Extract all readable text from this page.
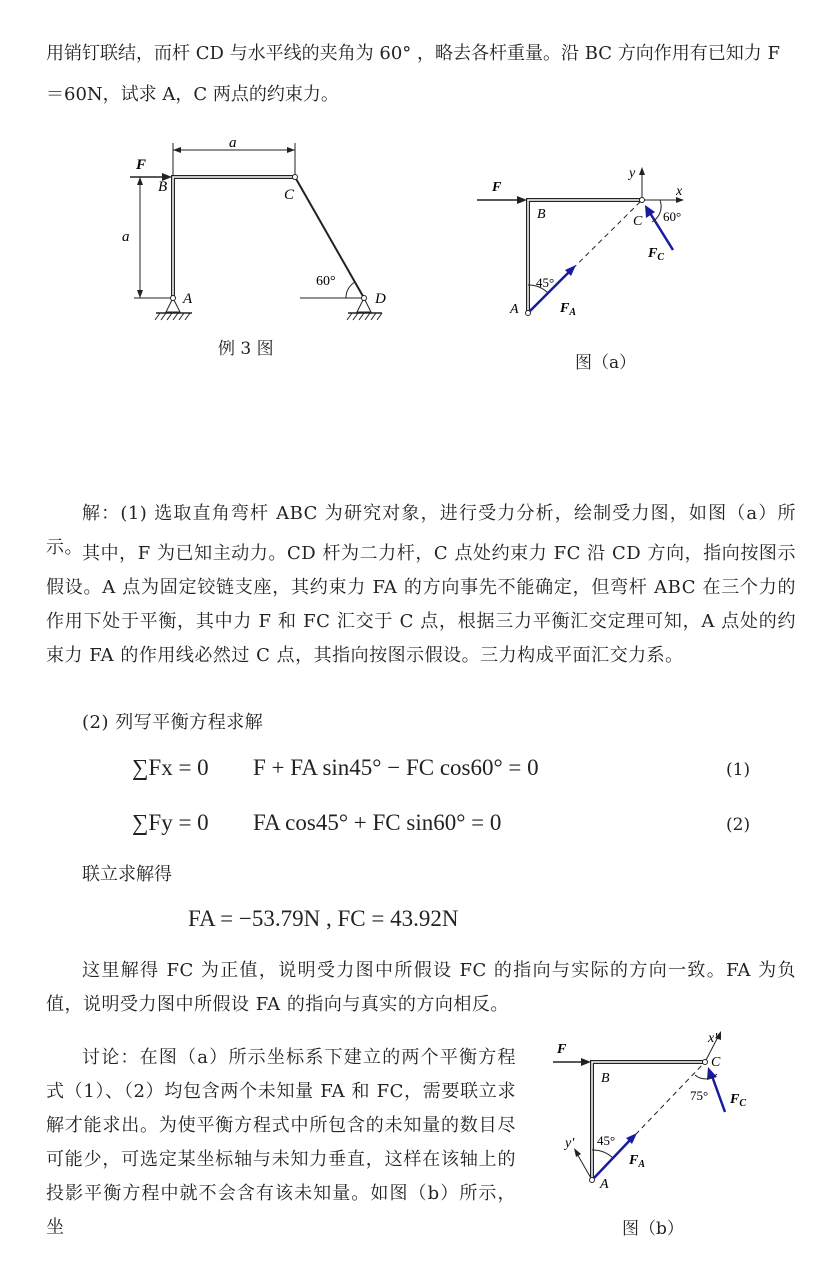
用销钉联结，而杆 CD 与水平线的夹角为 60° ，略去各杆重量。沿 BC 方向作用有已知力 F
＝60N，试求 A，C 两点的约束力。
a
a
F
B	C
A
60°
D
例 3 图
F
B
A
C
x
y
45°
$F_A$
$F_C$
60°
图（a）
解：(1) 选取直角弯杆 ABC 为研究对象，进行受力分析，绘制受力图，如图（a）所示。 其中，F 为已知主动力。CD 杆为二力杆，C 点处约束力 FC 沿 CD 方向，指向按图示假设。A 点为固定铰链支座，其约束力 FA 的方向事先不能确定，但弯杆 ABC 在三个力的作用下处于平衡，其中力 F 和 FC 汇交于 C 点，根据三力平衡汇交定理可知，A 点处的约束力 FA 的作用线必然过 C 点，其指向按图示假设。三力构成平面汇交力系。
(2) 列写平衡方程求解
∑Fx = 0 F + FA sin45° − FC cos60° = 0	(1)
∑Fy = 0 FA cos45° + FC sin60° = 0	(2)
联立求解得
FA = −53.79N , FC = 43.92N
这里解得 FC 为正值，说明受力图中所假设 FC 的指向与实际的方向一致。FA 为负值，说明受力图中所假设 FA 的指向与真实的方向相反。
讨论：在图（a）所示坐标系下建立的两个平衡方程式（1）、（2）均包含两个未知量 FA 和 FC，需要联立求解才能求出。为使平衡方程式中所包含的未知量的数目尽可能少，可选定某坐标轴与未知力垂直，这样在该轴上的投影平衡方程中就不会含有该未知量。如图（b）所示，坐
F
B
A
C
x'
y' 45°
$F_A$
$F_C$
75°
图（b）
